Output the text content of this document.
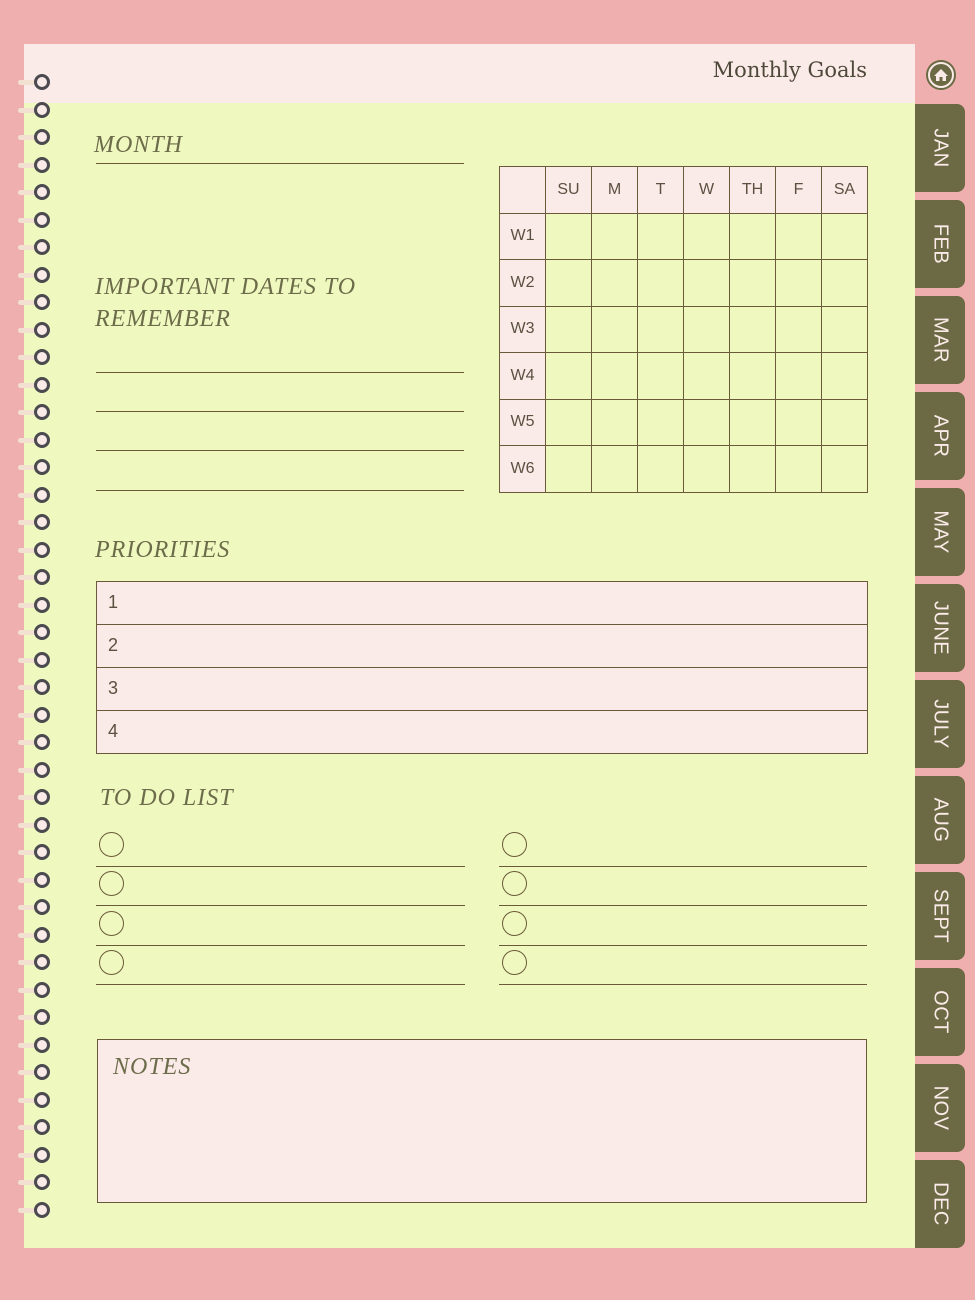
Monthly Goals
MONTH
IMPORTANT DATES TO
REMEMBER
	SU	M	T	W	TH	F	SA
W1							
W2							
W3							
W4							
W5							
W6							
PRIORITIES
1
2
3
4
TO DO LIST
NOTES
JAN
FEB
MAR
APR
MAY
JUNE
JULY
AUG
SEPT
OCT
NOV
DEC
